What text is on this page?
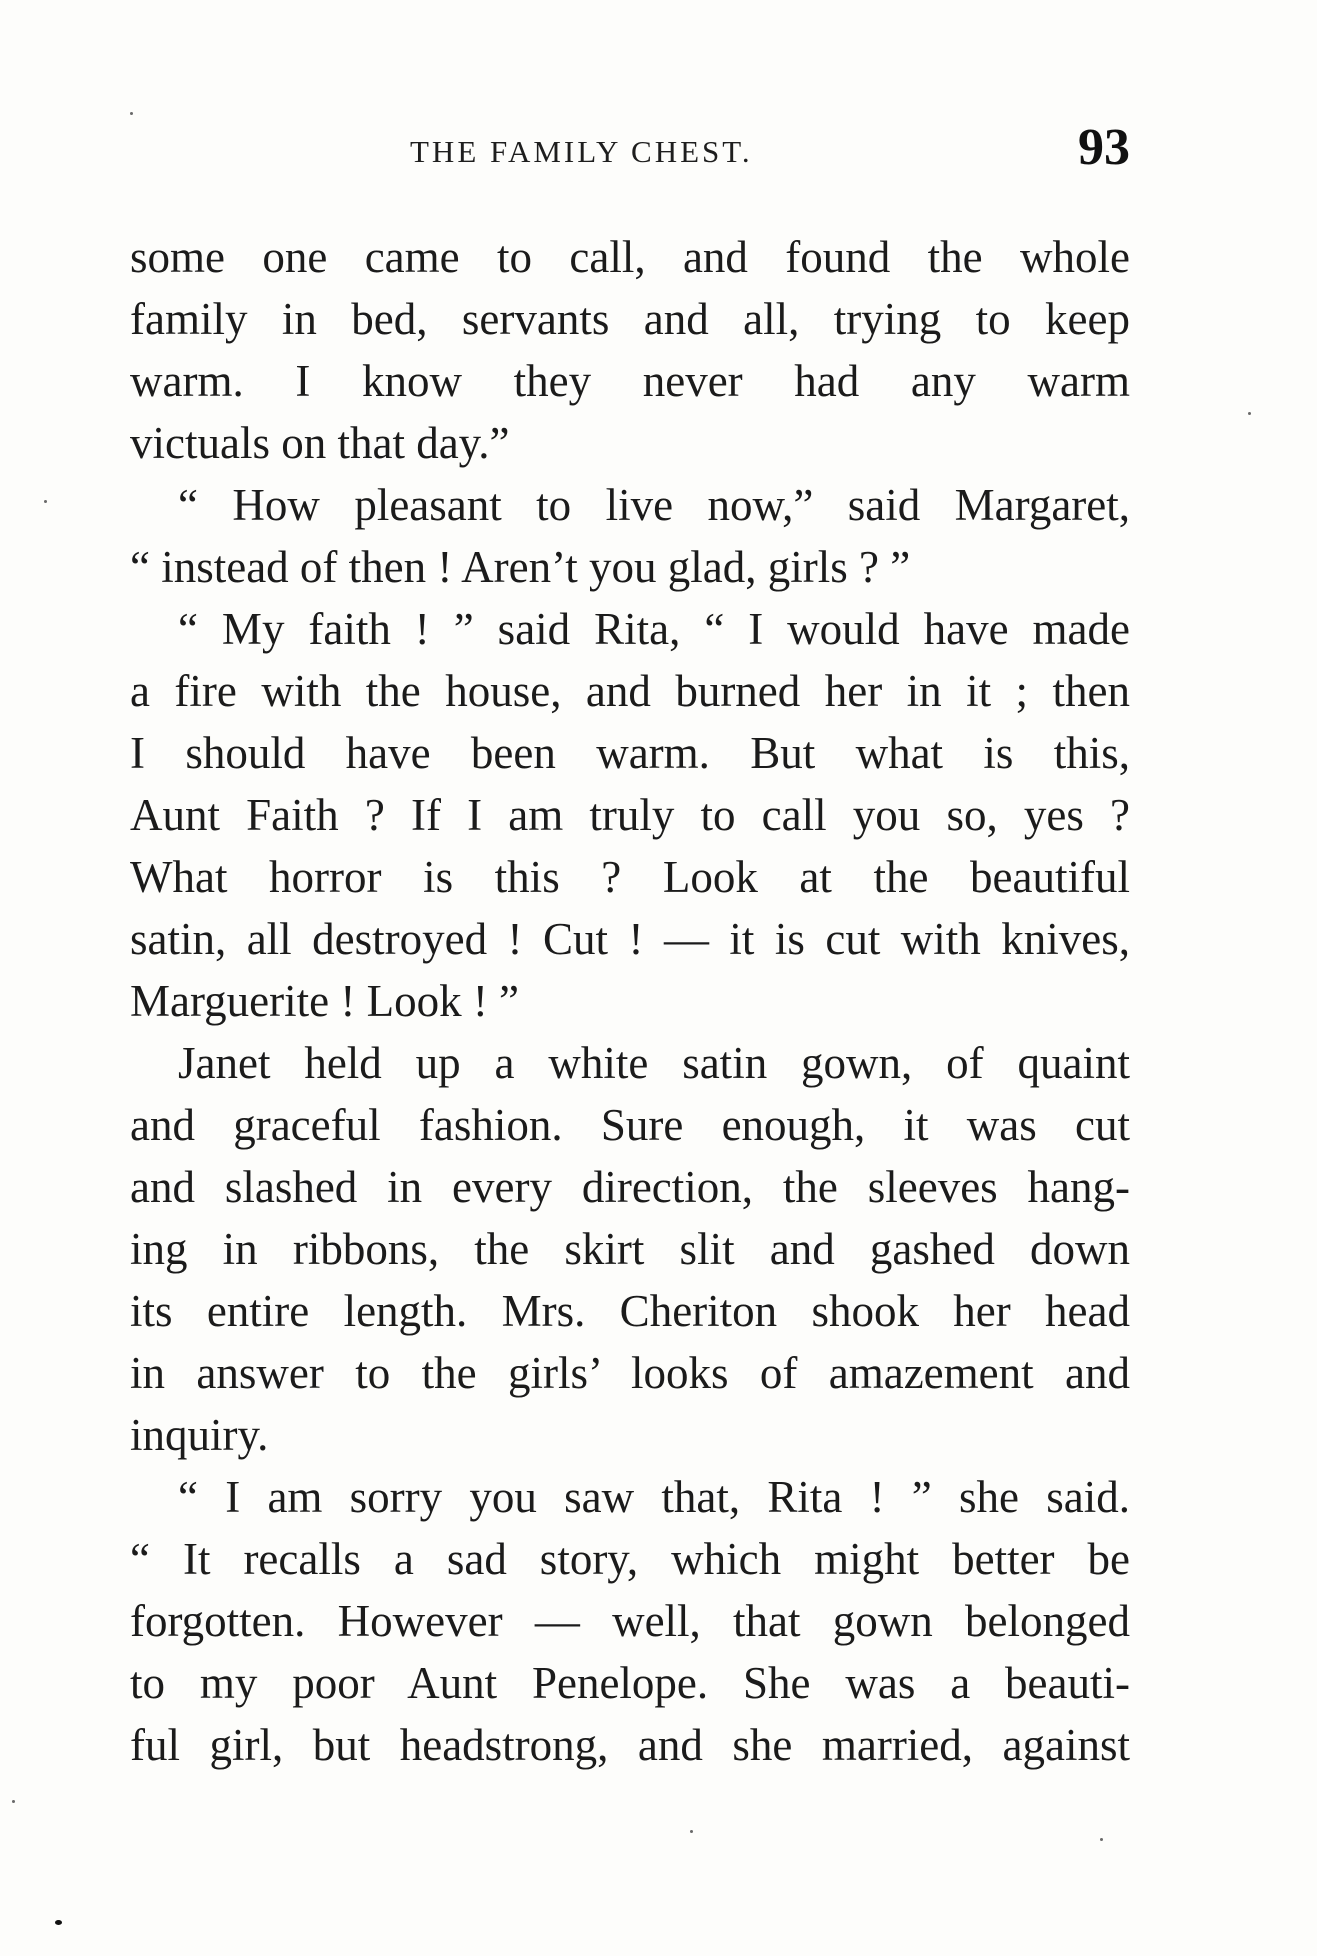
THE FAMILY CHEST.	93
some one came to call, and found the whole
family in bed, servants and all, trying to keep
warm. I know they never had any warm
victuals on that day.”
“ How pleasant to live now,” said Margaret,
“ instead of then ! Aren’t you glad, girls ? ”
“ My faith ! ” said Rita, “ I would have made
a fire with the house, and burned her in it ; then
I should have been warm. But what is this,
Aunt Faith ? If I am truly to call you so, yes ?
What horror is this ? Look at the beautiful
satin, all destroyed ! Cut ! — it is cut with knives,
Marguerite ! Look ! ”
Janet held up a white satin gown, of quaint
and graceful fashion. Sure enough, it was cut
and slashed in every direction, the sleeves hang-
ing in ribbons, the skirt slit and gashed down
its entire length. Mrs. Cheriton shook her head
in answer to the girls’ looks of amazement and
inquiry.
“ I am sorry you saw that, Rita ! ” she said.
“ It recalls a sad story, which might better be
forgotten. However — well, that gown belonged
to my poor Aunt Penelope. She was a beauti-
ful girl, but headstrong, and she married, against
